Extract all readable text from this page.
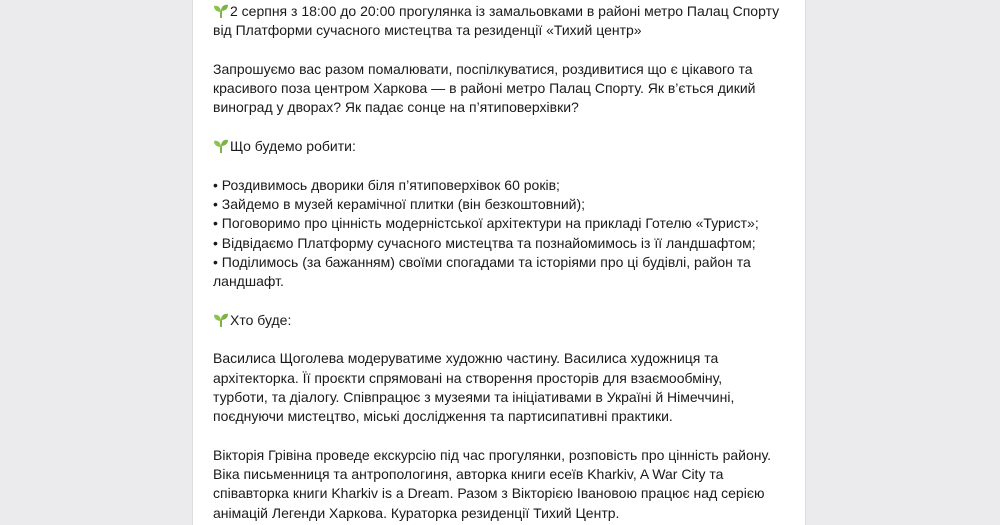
2 серпня з 18:00 до 20:00 прогулянка із замальовками в районі метро Палац Спорту
від Платформи сучасного мистецтва та резиденції «Тихий центр»
Запрошуємо вас разом помалювати, поспілкуватися, роздивитися що є цікавого та
красивого поза центром Харкова — в районі метро Палац Спорту. Як в’ється дикий
виноград у дворах? Як падає сонце на п’ятиповерхівки?
Що будемо робити:
• Роздивимось дворики біля п’ятиповерхівок 60 років;
• Зайдемо в музей керамічної плитки (він безкоштовний);
• Поговоримо про цінність модерністської архітектури на прикладі Готелю «Турист»;
• Відвідаємо Платформу сучасного мистецтва та познайомимось із її ландшафтом;
• Поділимось (за бажанням) своїми спогадами та історіями про ці будівлі, район та
ландшафт.
Хто буде:
Василиса Щоголева модеруватиме художню частину. Василиса художниця та
архітекторка. Її проєкти спрямовані на створення просторів для взаємообміну,
турботи, та діалогу. Співпрацює з музеями та ініціативами в Україні й Німеччині,
поєднуючи мистецтво, міські дослідження та партисипативні практики.
Вікторія Грівіна проведе екскурсію під час прогулянки, розповість про цінність району.
Віка письменниця та антропологиня, авторка книги есеїв Kharkiv, A War City та
співавторка книги Kharkiv is a Dream. Разом з Вікторією Івановою працює над серією
анімацій Легенди Харкова. Кураторка резиденції Тихий Центр.
